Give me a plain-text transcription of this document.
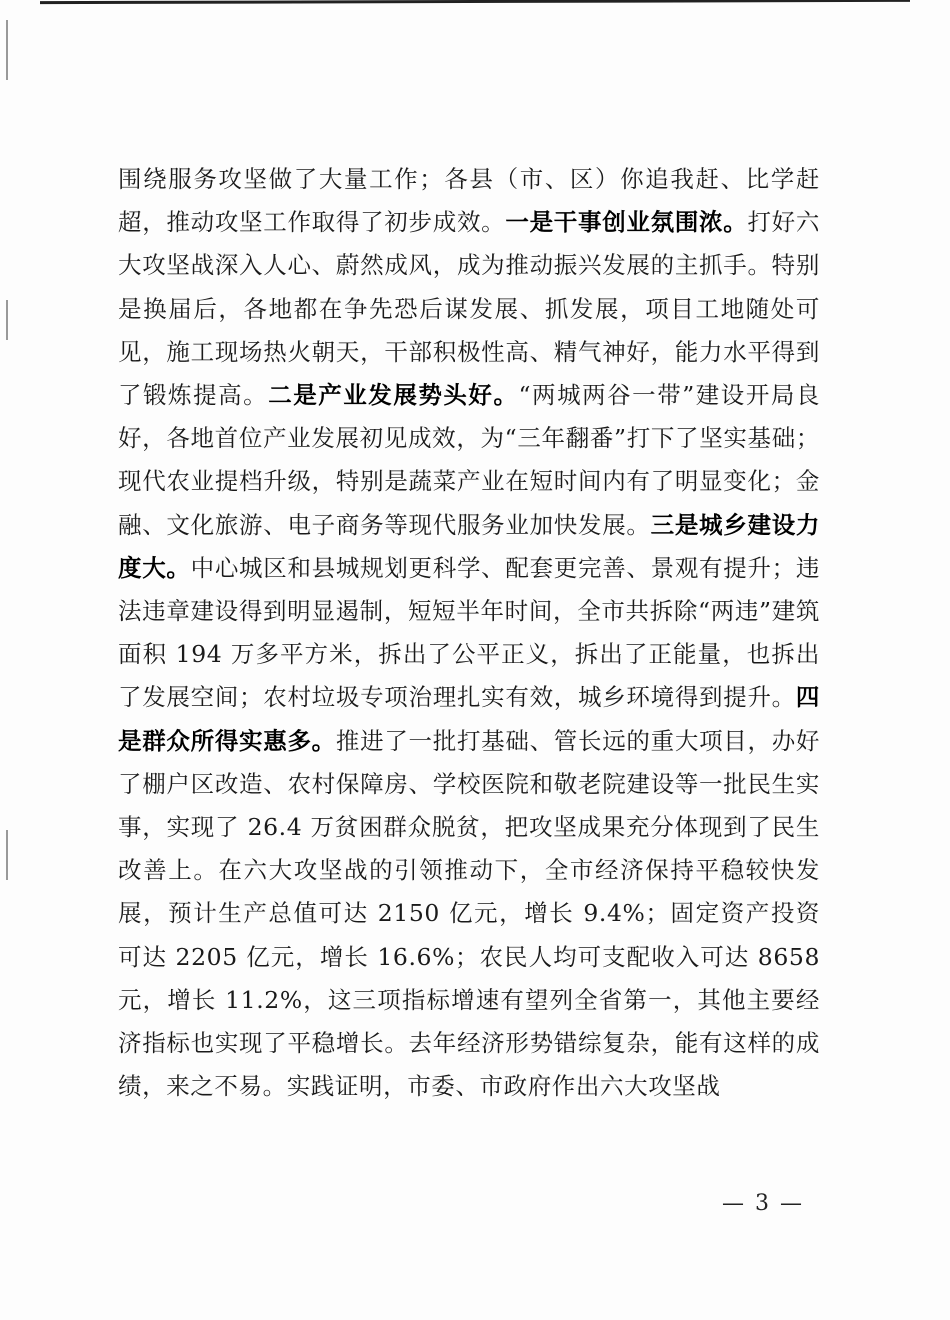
围绕服务攻坚做了大量工作；各县（市、区）你追我赶、比学赶超，推动攻坚工作取得了初步成效。一是干事创业氛围浓。打好六大攻坚战深入人心、蔚然成风，成为推动振兴发展的主抓手。特别是换届后，各地都在争先恐后谋发展、抓发展，项目工地随处可见，施工现场热火朝天，干部积极性高、精气神好，能力水平得到了锻炼提高。二是产业发展势头好。“两城两谷一带”建设开局良好，各地首位产业发展初见成效，为“三年翻番”打下了坚实基础；现代农业提档升级，特别是蔬菜产业在短时间内有了明显变化；金融、文化旅游、电子商务等现代服务业加快发展。三是城乡建设力度大。中心城区和县城规划更科学、配套更完善、景观有提升；违法违章建设得到明显遏制，短短半年时间，全市共拆除“两违”建筑面积 194 万多平方米，拆出了公平正义，拆出了正能量，也拆出了发展空间；农村垃圾专项治理扎实有效，城乡环境得到提升。四是群众所得实惠多。推进了一批打基础、管长远的重大项目，办好了棚户区改造、农村保障房、学校医院和敬老院建设等一批民生实事，实现了 26.4 万贫困群众脱贫，把攻坚成果充分体现到了民生改善上。在六大攻坚战的引领推动下，全市经济保持平稳较快发展，预计生产总值可达 2150 亿元，增长 9.4%；固定资产投资可达 2205 亿元，增长 16.6%；农民人均可支配收入可达 8658 元，增长 11.2%，这三项指标增速有望列全省第一，其他主要经济指标也实现了平稳增长。去年经济形势错综复杂，能有这样的成绩，来之不易。实践证明，市委、市政府作出六大攻坚战

— 3 —
